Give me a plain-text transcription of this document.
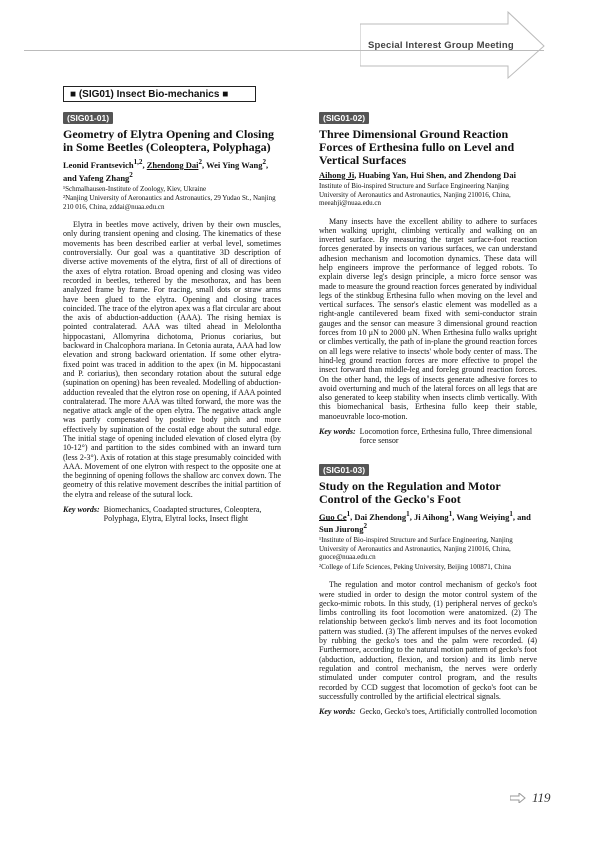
Special Interest Group Meeting
■ (SIG01) Insect Bio-mechanics ■
(SIG01-01)
Geometry of Elytra Opening and Closing in Some Beetles (Coleoptera, Polyphaga)
Leonid Frantsevich$^{1,2}$, Zhendong Dai$^2$, Wei Ying Wang$^2$, and Yafeng Zhang$^2$
¹Schmalhausen-Institute of Zoology, Kiev, Ukraine
²Nanjing University of Aeronautics and Astronautics, 29 Yudao St., Nanjing 210 016, China, zddai@nuaa.edu.cn
Elytra in beetles move actively, driven by their own muscles, only during transient opening and closing. The kinematics of these movements has been described earlier at verbal level, sometimes controversially. Our goal was a quantitative 3D description of diverse active movements of the elytra, first of all of directions of the axes of elytra rotation. Broad opening and closing was video recorded in beetles, tethered by the mesothorax, and has been analyzed frame by frame. For tracing, small dots or straw arms have been glued to the elytra. Opening and closing traces coincided. The trace of the elytron apex was a flat circular arc about the axis of abduction-adduction (AAA). The rising hemiax is pointed contralaterad. AAA was tilted ahead in Melolontha hippocastani, Allomyrina dichotoma, Prionus coriarius, but backward in Chalcophora mariana. In Cetonia aurata, AAA had low elevation and strong backward orientation. If some other elytra-fixed point was traced in addition to the apex (in M. hippocastani and P. coriarius), then secondary rotation about the sutural edge (supination on opening) has been revealed. Modelling of abduction-adduction revealed that the elytron rose on opening, if AAA pointed contralaterad. The more AAA was tilted forward, the more was the negative attack angle of the open elytra. The negative attack angle was partly compensated by positive body pitch and more effectively by supination of the costal edge about the sutural edge. The initial stage of opening included elevation of closed elytra (by 10-12°) and partition to the sides combined with an inward turn (less 2-3°). Axis of rotation at this stage presumably coincided with AAA. Movement of one elytron with respect to the opposite one at the beginning of opening follows the shallow arc convex down. The geometry of this relative movement describes the initial partition of the elytra and release of the sutural lock.
Key words: Biomechanics, Coadapted structures, Coleoptera, Polyphaga, Elytra, Elytral locks, Insect flight
(SIG01-02)
Three Dimensional Ground Reaction Forces of Erthesina fullo on Level and Vertical Surfaces
Aihong Ji, Huabing Yan, Hui Shen, and Zhendong Dai
Institute of Bio-inspired Structure and Surface Engineering Nanjing University of Aeronautics and Astronautics, Nanjing 210016, China, meeahji@nuaa.edu.cn
Many insects have the excellent ability to adhere to surfaces when walking upright, climbing vertically and walking on an inverted surface. By measuring the target surface-foot reaction forces generated by insects on various surfaces, we can understand adhesion mechanism and locomotion dynamics. These data will help engineers improve the performance of legged robots. To explain diverse leg's design principle, a micro force sensor was made to measure the ground reaction forces generated by individual legs of the stinkbug Erthesina fullo when moving on the level and vertical surfaces. The sensor's elastic element was modelled as a right-angle cantilevered beam fixed with semi-conductor strain gauges and the sensor can measure 3 dimensional ground reaction forces from 10 μN to 2000 μN. When Erthesina fullo walks upright or climbes vertically, the path of in-plane the ground reaction forces on all legs were relative to insects' whole body center of mass. The hind-leg ground reaction forces are more effective to propel the insect forward than middle-leg and foreleg ground reaction forces. On the other hand, the legs of insects generate adhesive forces to avoid overturning and much of the lateral forces on all legs that are also generated to keep stability when insects climb vertically. With this biomechanical basis, Erthesina fullo keep their stable, manoeuvrable loco-motion.
Key words: Locomotion force, Erthesina fullo, Three dimensional force sensor
(SIG01-03)
Study on the Regulation and Motor Control of the Gecko's Foot
Guo Ce$^1$, Dai Zhendong$^1$, Ji Aihong$^1$, Wang Weiying$^1$, and Sun Jiurong$^2$
¹Institute of Bio-inspired Structure and Surface Engineering, Nanjing University of Aeronautics and Astronautics, Nanjing 210016, China, guoce@nuaa.edu.cn
²College of Life Sciences, Peking University, Beijing 100871, China
The regulation and motor control mechanism of gecko's foot were studied in order to design the motor control system of the gecko-mimic robots. In this study, (1) peripheral nerves of gecko's limbs controlling its foot locomotion were anatomized. (2) The relationship between gecko's limb nerves and its foot locomotion pattern was studied. (3) The afferent impulses of the nerves evoked by rubbing the gecko's toes and the palm were recorded. (4) Furthermore, according to the natural motion pattern of gecko's foot (abduction, adduction, flexion, and torsion) and its limb nerve regulation and control mechanism, the nerves were orderly stimulated under computer control program, and the results recorded by CCD suggest that locomotion of gecko's foot can be successfully controlled by the artificial electrical signals.
Key words: Gecko, Gecko's toes, Artificially controlled locomotion
119
